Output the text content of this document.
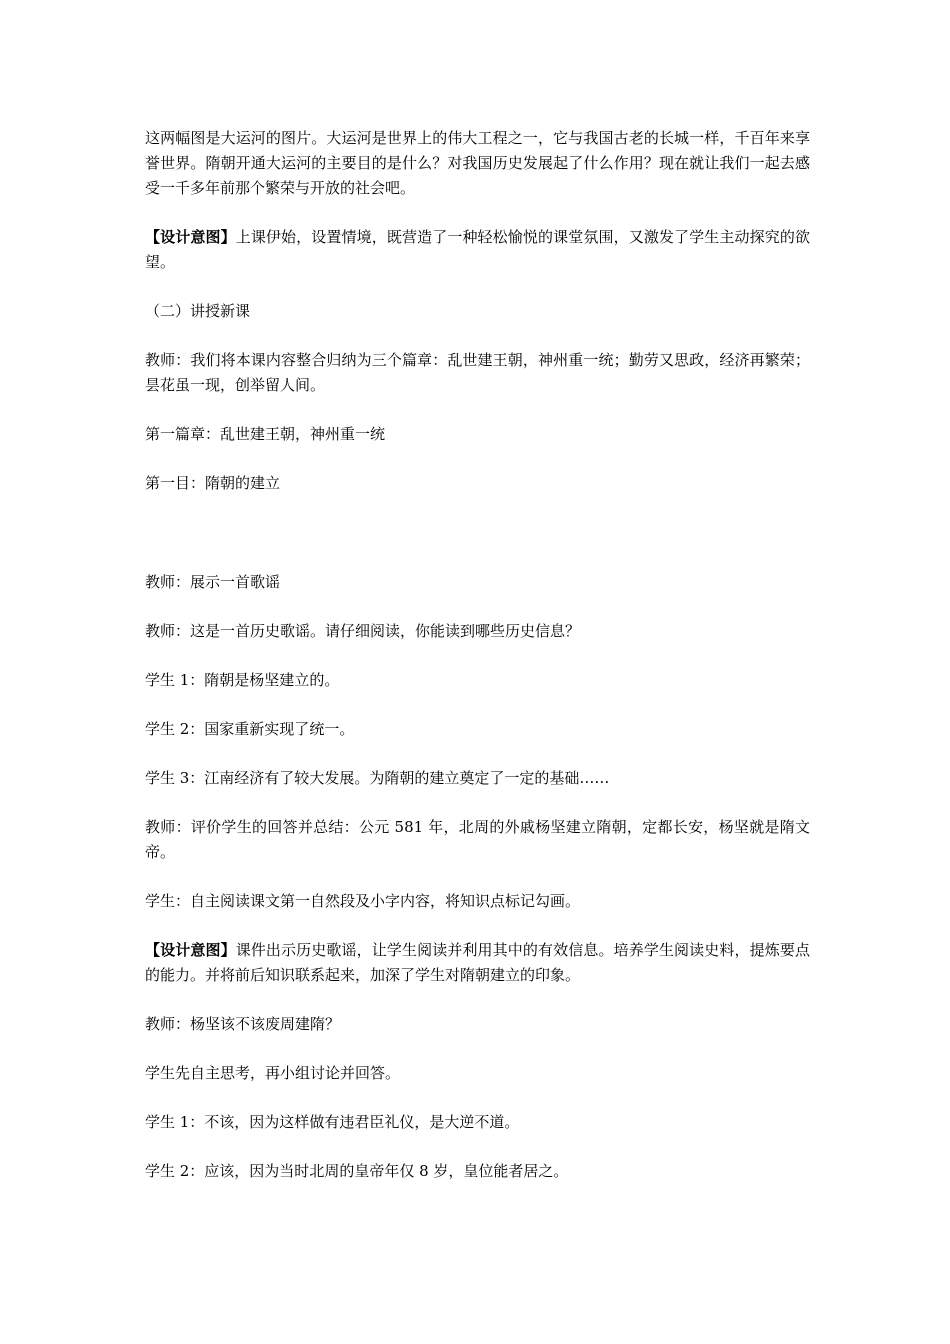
这两幅图是大运河的图片。大运河是世界上的伟大工程之一，它与我国古老的长城一样，千百年来享誉世界。隋朝开通大运河的主要目的是什么？对我国历史发展起了什么作用？现在就让我们一起去感受一千多年前那个繁荣与开放的社会吧。

【设计意图】上课伊始，设置情境，既营造了一种轻松愉悦的课堂氛围，又激发了学生主动探究的欲望。

（二）讲授新课

教师：我们将本课内容整合归纳为三个篇章：乱世建王朝，神州重一统；勤劳又思政，经济再繁荣；昙花虽一现，创举留人间。

第一篇章：乱世建王朝，神州重一统

第一目：隋朝的建立

教师：展示一首歌谣

教师：这是一首历史歌谣。请仔细阅读，你能读到哪些历史信息？

学生 1：隋朝是杨坚建立的。

学生 2：国家重新实现了统一。

学生 3：江南经济有了较大发展。为隋朝的建立奠定了一定的基础……

教师：评价学生的回答并总结：公元 581 年，北周的外戚杨坚建立隋朝，定都长安，杨坚就是隋文帝。

学生：自主阅读课文第一自然段及小字内容，将知识点标记勾画。

【设计意图】课件出示历史歌谣，让学生阅读并利用其中的有效信息。培养学生阅读史料，提炼要点的能力。并将前后知识联系起来，加深了学生对隋朝建立的印象。

教师：杨坚该不该废周建隋？

学生先自主思考，再小组讨论并回答。

学生 1：不该，因为这样做有违君臣礼仪，是大逆不道。

学生 2：应该，因为当时北周的皇帝年仅 8 岁，皇位能者居之。
